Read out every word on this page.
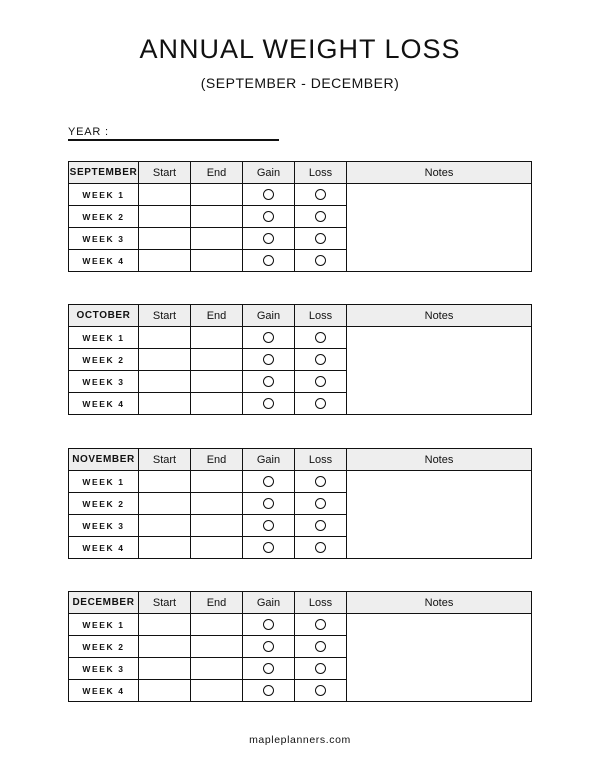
ANNUAL WEIGHT LOSS
(SEPTEMBER - DECEMBER)
YEAR :
SEPTEMBER	Start	End	Gain	Loss	Notes
WEEK 1					
WEEK 2					
WEEK 3					
WEEK 4					
OCTOBER	Start	End	Gain	Loss	Notes
WEEK 1					
WEEK 2					
WEEK 3					
WEEK 4					
NOVEMBER	Start	End	Gain	Loss	Notes
WEEK 1					
WEEK 2					
WEEK 3					
WEEK 4					
DECEMBER	Start	End	Gain	Loss	Notes
WEEK 1					
WEEK 2					
WEEK 3					
WEEK 4					
mapleplanners.com
